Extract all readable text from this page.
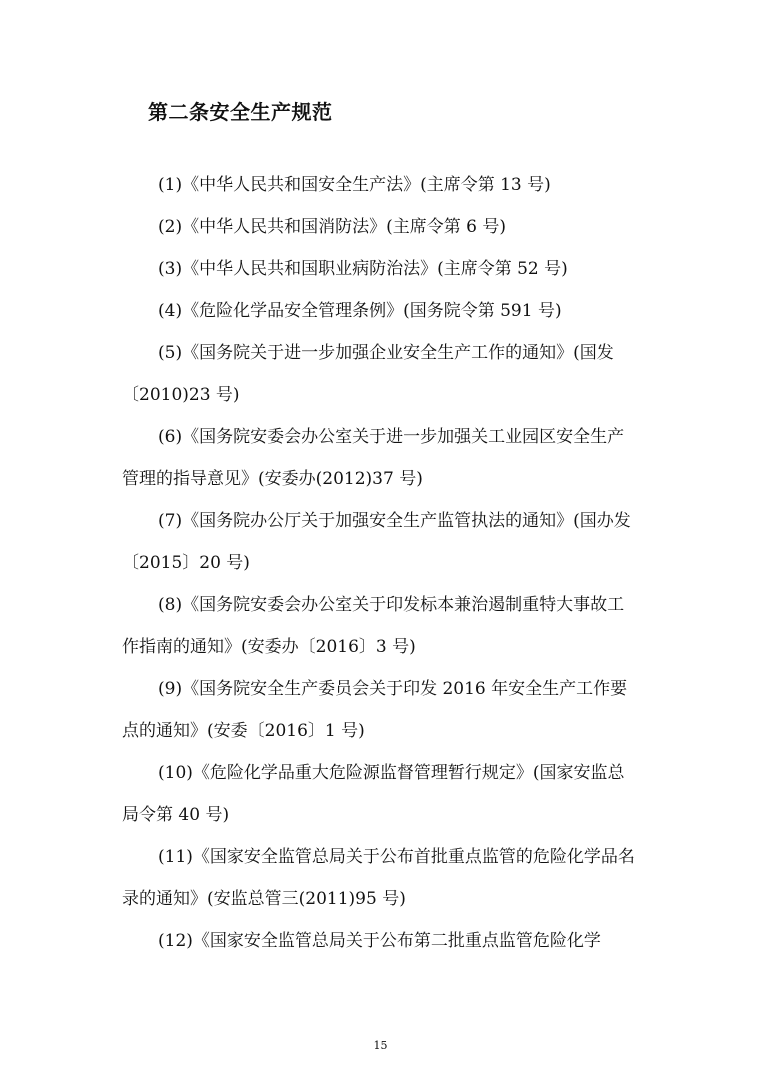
第二条安全生产规范

(1)《中华人民共和国安全生产法》(主席令第 13 号)

(2)《中华人民共和国消防法》(主席令第 6 号)

(3)《中华人民共和国职业病防治法》(主席令第 52 号)

(4)《危险化学品安全管理条例》(国务院令第 591 号)

(5)《国务院关于进一步加强企业安全生产工作的通知》(国发〔2010)23 号)

(6)《国务院安委会办公室关于进一步加强关工业园区安全生产管理的指导意见》(安委办(2012)37 号)

(7)《国务院办公厅关于加强安全生产监管执法的通知》(国办发〔2015〕20 号)

(8)《国务院安委会办公室关于印发标本兼治遏制重特大事故工作指南的通知》(安委办〔2016〕3 号)

(9)《国务院安全生产委员会关于印发 2016 年安全生产工作要点的通知》(安委〔2016〕1 号)

(10)《危险化学品重大危险源监督管理暂行规定》(国家安监总局令第 40 号)

(11)《国家安全监管总局关于公布首批重点监管的危险化学品名录的通知》(安监总管三(2011)95 号)

(12)《国家安全监管总局关于公布第二批重点监管危险化学

15
